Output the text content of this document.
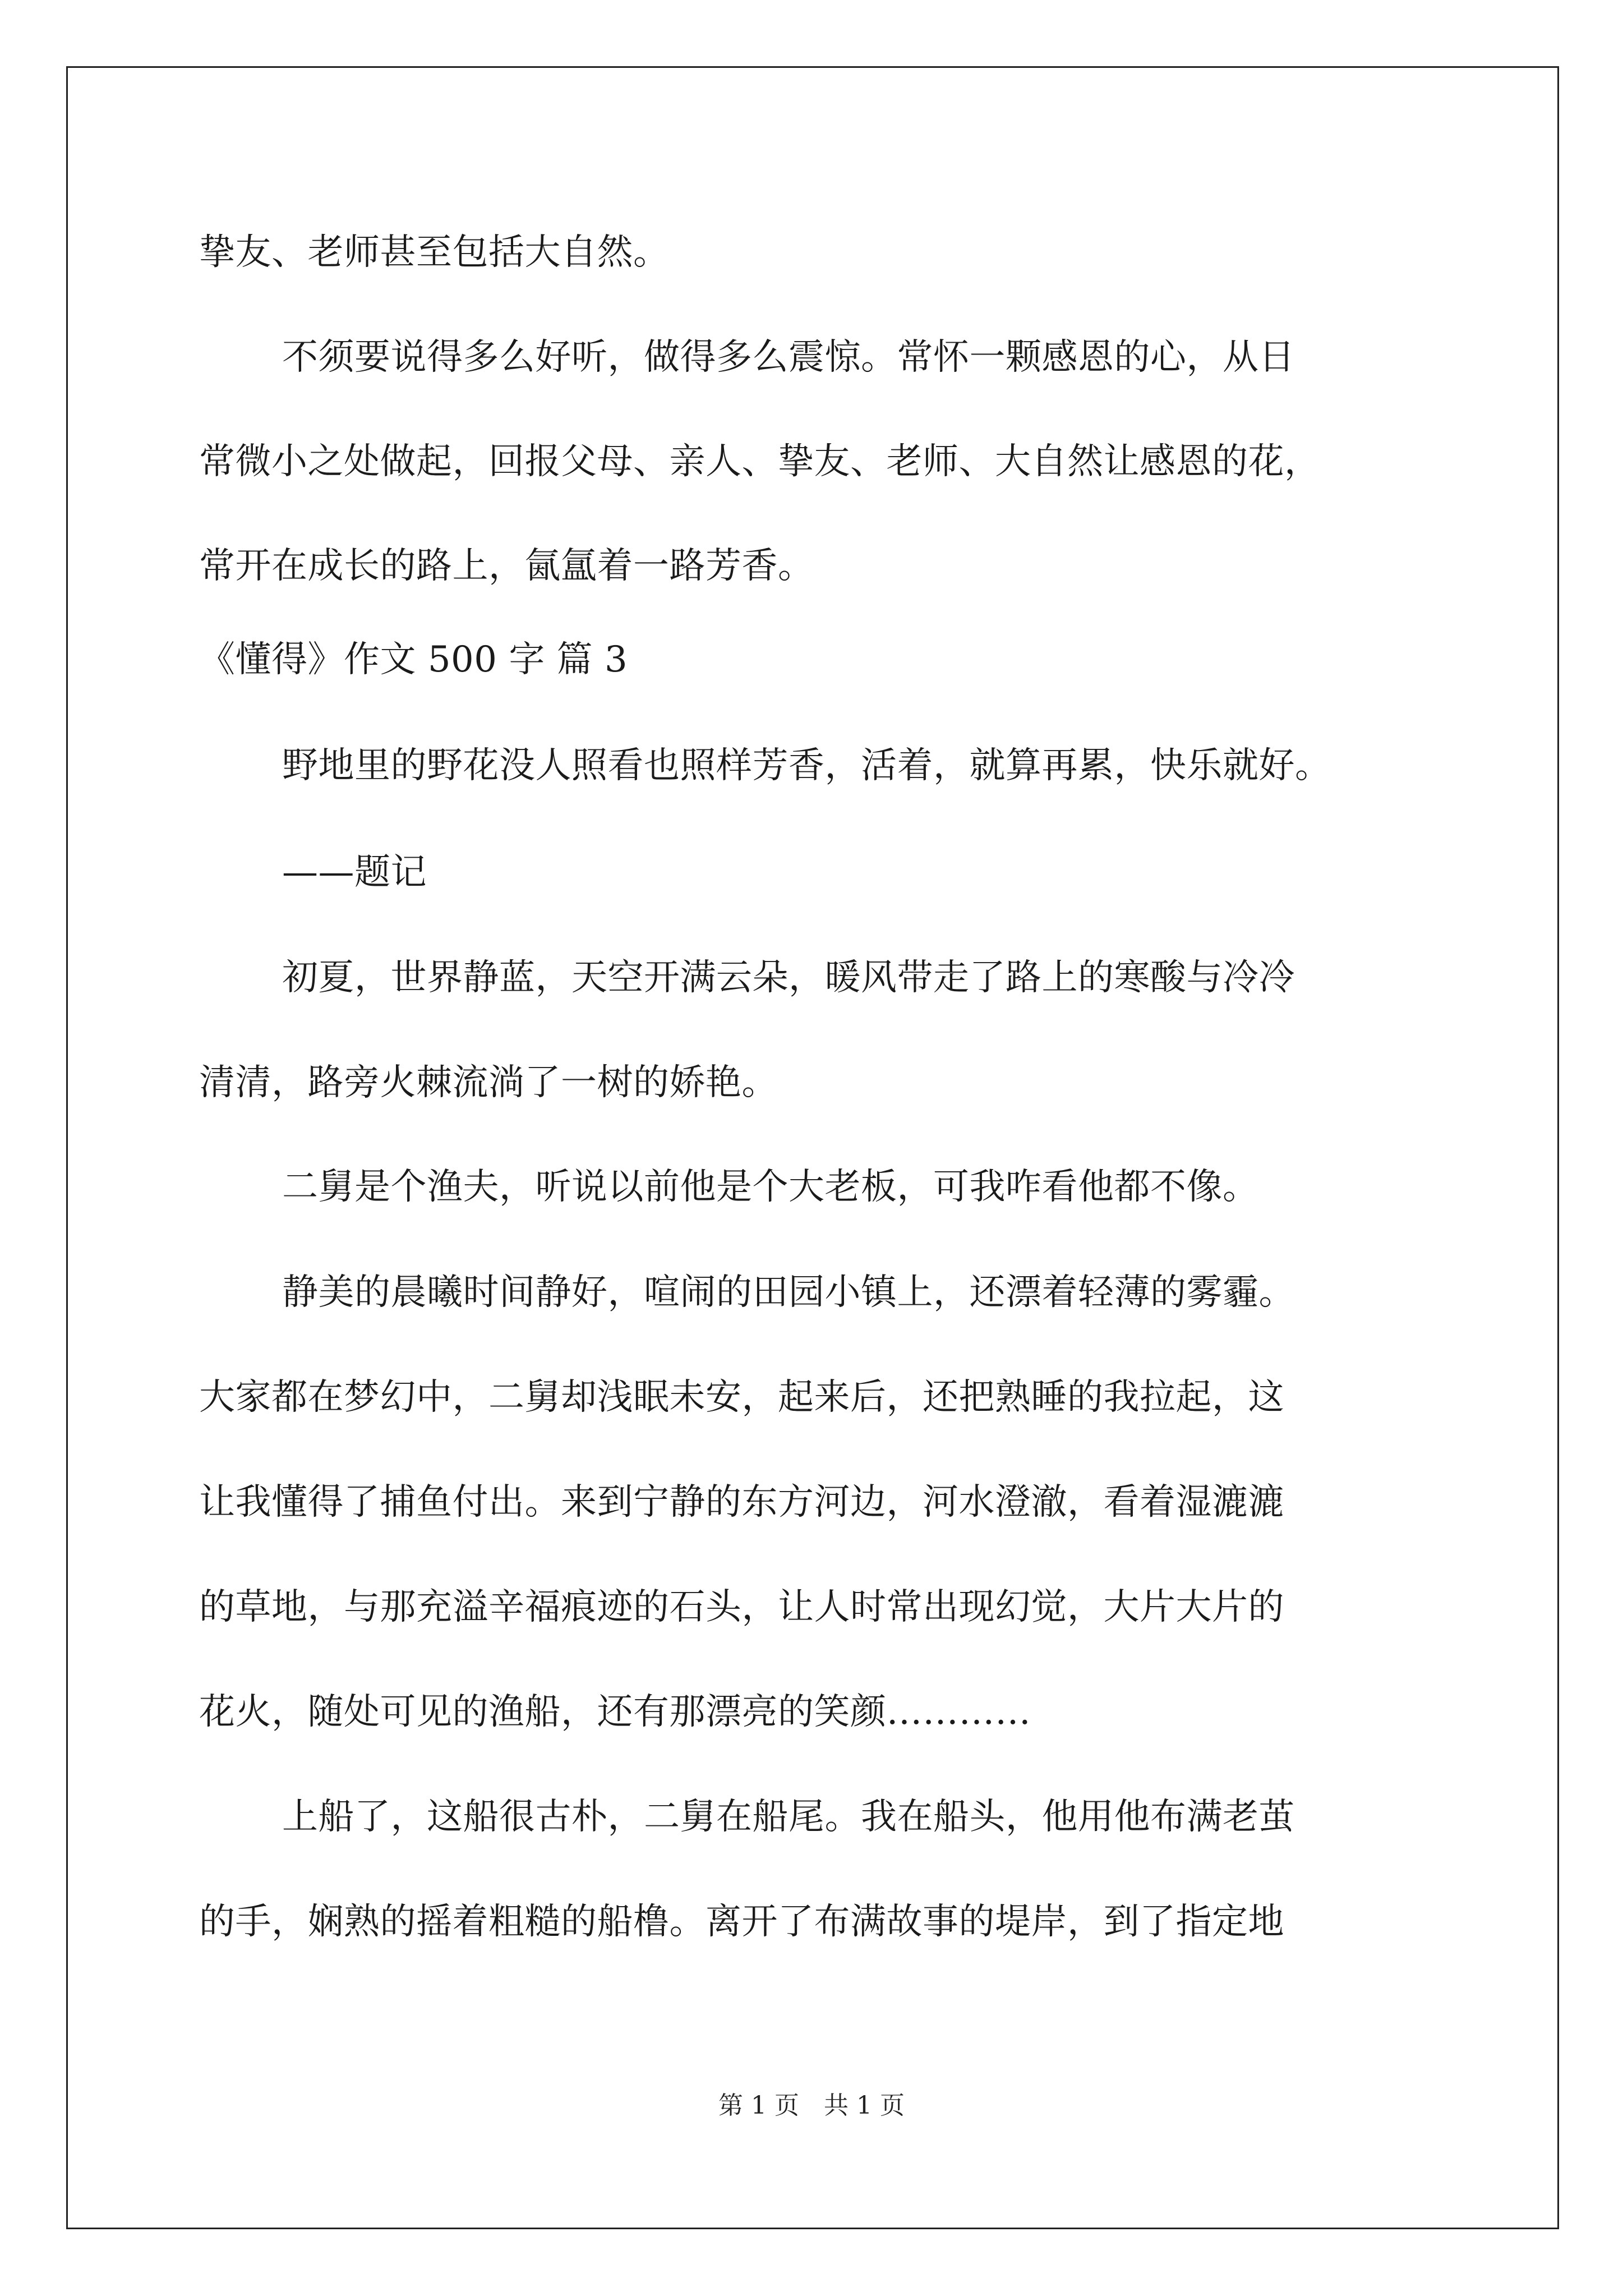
挚友、老师甚至包括大自然。
不须要说得多么好听，做得多么震惊。常怀一颗感恩的心，从日
常微小之处做起，回报父母、亲人、挚友、老师、大自然让感恩的花，
常开在成长的路上，氤氲着一路芳香。
《懂得》作文 500 字 篇 3
野地里的野花没人照看也照样芳香，活着，就算再累，快乐就好。
——题记
初夏，世界静蓝，天空开满云朵，暖风带走了路上的寒酸与冷冷
清清，路旁火棘流淌了一树的娇艳。
二舅是个渔夫，听说以前他是个大老板，可我咋看他都不像。
静美的晨曦时间静好，喧闹的田园小镇上，还漂着轻薄的雾霾。
大家都在梦幻中，二舅却浅眠未安，起来后，还把熟睡的我拉起，这
让我懂得了捕鱼付出。来到宁静的东方河边，河水澄澈，看着湿漉漉
的草地，与那充溢辛福痕迹的石头，让人时常出现幻觉，大片大片的
花火，随处可见的渔船，还有那漂亮的笑颜…………
上船了，这船很古朴，二舅在船尾。我在船头，他用他布满老茧
的手，娴熟的摇着粗糙的船橹。离开了布满故事的堤岸，到了指定地
第 1 页　共 1 页
